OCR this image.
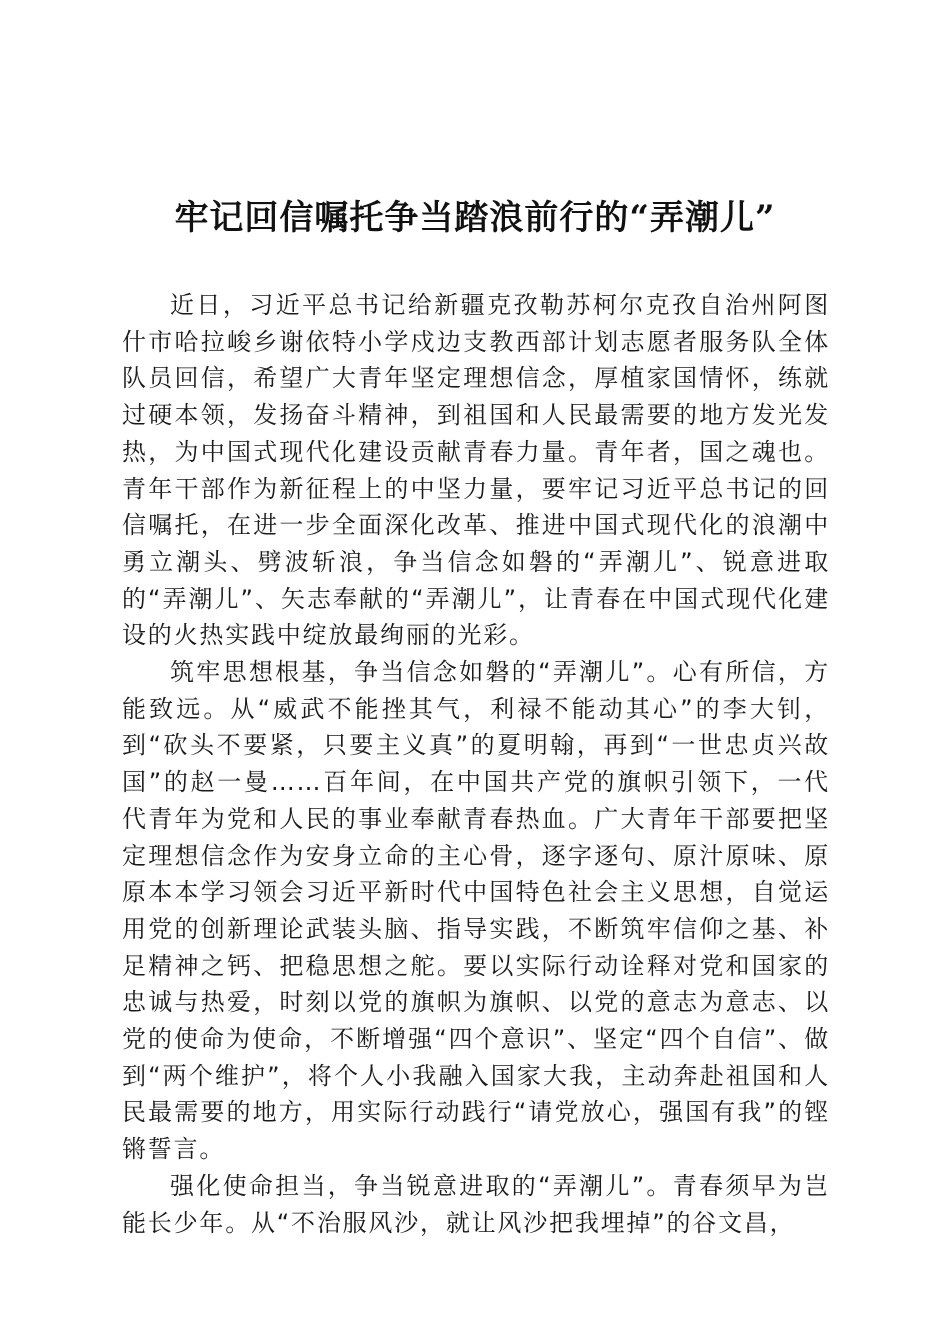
牢记回信嘱托争当踏浪前行的“弄潮儿”

近日，习近平总书记给新疆克孜勒苏柯尔克孜自治州阿图什市哈拉峻乡谢依特小学戍边支教西部计划志愿者服务队全体队员回信，希望广大青年坚定理想信念，厚植家国情怀，练就过硬本领，发扬奋斗精神，到祖国和人民最需要的地方发光发热，为中国式现代化建设贡献青春力量。青年者，国之魂也。青年干部作为新征程上的中坚力量，要牢记习近平总书记的回信嘱托，在进一步全面深化改革、推进中国式现代化的浪潮中勇立潮头、劈波斩浪，争当信念如磐的“弄潮儿”、锐意进取的“弄潮儿”、矢志奉献的“弄潮儿”，让青春在中国式现代化建设的火热实践中绽放最绚丽的光彩。

筑牢思想根基，争当信念如磐的“弄潮儿”。心有所信，方能致远。从“威武不能挫其气，利禄不能动其心”的李大钊，到“砍头不要紧，只要主义真”的夏明翰，再到“一世忠贞兴故国”的赵一曼……百年间，在中国共产党的旗帜引领下，一代代青年为党和人民的事业奉献青春热血。广大青年干部要把坚定理想信念作为安身立命的主心骨，逐字逐句、原汁原味、原原本本学习领会习近平新时代中国特色社会主义思想，自觉运用党的创新理论武装头脑、指导实践，不断筑牢信仰之基、补足精神之钙、把稳思想之舵。要以实际行动诠释对党和国家的忠诚与热爱，时刻以党的旗帜为旗帜、以党的意志为意志、以党的使命为使命，不断增强“四个意识”、坚定“四个自信”、做到“两个维护”，将个人小我融入国家大我，主动奔赴祖国和人民最需要的地方，用实际行动践行“请党放心，强国有我”的铿锵誓言。

强化使命担当，争当锐意进取的“弄潮儿”。青春须早为岂能长少年。从“不治服风沙，就让风沙把我埋掉”的谷文昌，
